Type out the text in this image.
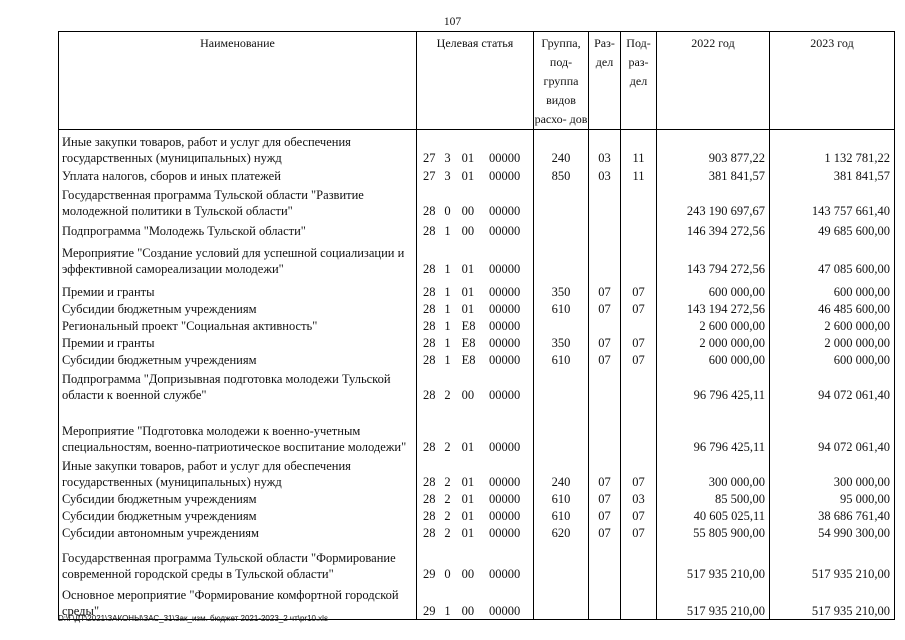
107
Наименование	Целевая статья	Группа, под- группа видов расхо- дов	Раз- дел	Под- раз- дел	2022 год	2023 год
Иные закупки товаров, работ и услуг для обеспечения государственных (муниципальных) нужд	27 3 01 00000	240	03	11	903 877,22	1 132 781,22
Уплата налогов, сборов и иных платежей	27 3 01 00000	850	03	11	381 841,57	381 841,57
Государственная программа Тульской области "Развитие молодежной политики в Тульской области"	28 0 00 00000				243 190 697,67	143 757 661,40
Подпрограмма "Молодежь Тульской области"	28 1 00 00000				146 394 272,56	49 685 600,00
Мероприятие "Создание условий для успешной социализации и эффективной самореализации молодежи"	28 1 01 00000				143 794 272,56	47 085 600,00
Премии и гранты	28 1 01 00000	350	07	07	600 000,00	600 000,00
Субсидии бюджетным учреждениям	28 1 01 00000	610	07	07	143 194 272,56	46 485 600,00
Региональный проект "Социальная активность"	28 1 E8 00000				2 600 000,00	2 600 000,00
Премии и гранты	28 1 E8 00000	350	07	07	2 000 000,00	2 000 000,00
Субсидии бюджетным учреждениям	28 1 E8 00000	610	07	07	600 000,00	600 000,00
Подпрограмма "Допризывная подготовка молодежи Тульской области к военной службе"	28 2 00 00000				96 796 425,11	94 072 061,40
Мероприятие "Подготовка молодежи к военно-учетным специальностям, военно-патриотическое воспитание молодежи"	28 2 01 00000				96 796 425,11	94 072 061,40
Иные закупки товаров, работ и услуг для обеспечения государственных (муниципальных) нужд	28 2 01 00000	240	07	07	300 000,00	300 000,00
Субсидии бюджетным учреждениям	28 2 01 00000	610	07	03	85 500,00	95 000,00
Субсидии бюджетным учреждениям	28 2 01 00000	610	07	07	40 605 025,11	38 686 761,40
Субсидии автономным учреждениям	28 2 01 00000	620	07	07	55 805 900,00	54 990 300,00
Государственная программа Тульской области "Формирование современной городской среды в Тульской области"	29 0 00 00000				517 935 210,00	517 935 210,00
Основное мероприятие "Формирование комфортной городской среды"	29 1 00 00000				517 935 210,00	517 935 210,00
D:\Г\ДТ\2021\ЗАКОНЫ\ЗАС_31\Зак_изм. бюджет 2021-2023_2 чт\pr10.xls
